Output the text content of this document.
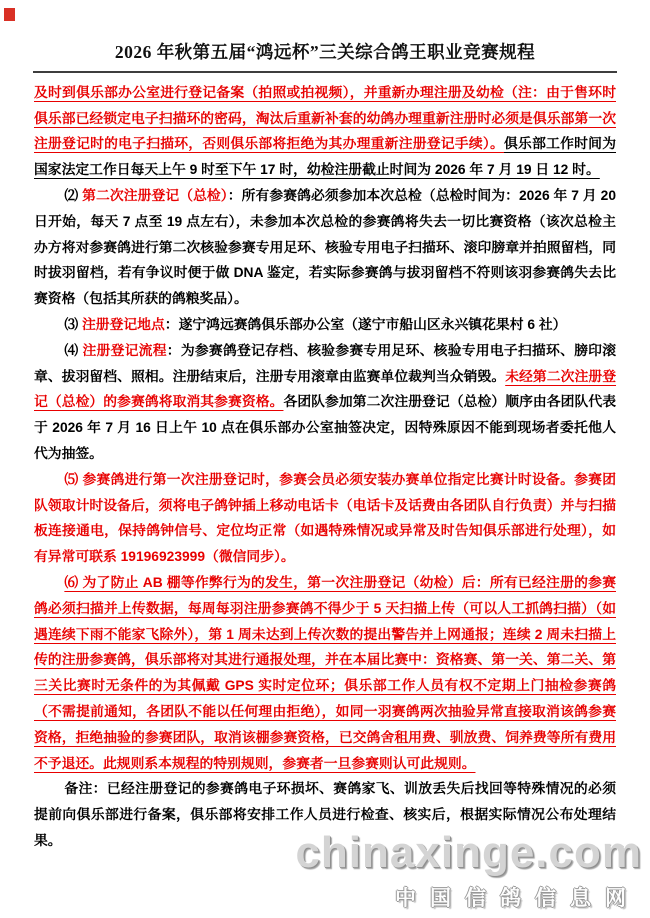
2026 年秋第五届“鸿远杯”三关综合鸽王职业竞赛规程

及时到俱乐部办公室进行登记备案（拍照或拍视频），并重新办理注册及幼检（注：由于售环时俱乐部已经锁定电子扫描环的密码，淘汰后重新补套的幼鸽办理重新注册时必须是俱乐部第一次注册登记时的电子扫描环，否则俱乐部将拒绝为其办理重新注册登记手续）。俱乐部工作时间为国家法定工作日每天上午 9 时至下午 17 时，幼检注册截止时间为 2026 年 7 月 19 日 12 时。

⑵ 第二次注册登记（总检）：所有参赛鸽必须参加本次总检（总检时间为：2026 年 7 月 20 日开始，每天 7 点至 19 点左右），未参加本次总检的参赛鸽将失去一切比赛资格（该次总检主办方将对参赛鸽进行第二次核验参赛专用足环、核验专用电子扫描环、滚印膀章并拍照留档，同时拔羽留档，若有争议时便于做 DNA 鉴定，若实际参赛鸽与拔羽留档不符则该羽参赛鸽失去比赛资格（包括其所获的鸽粮奖品）。

⑶ 注册登记地点：遂宁鸿远赛鸽俱乐部办公室（遂宁市船山区永兴镇花果村 6 社）

⑷ 注册登记流程：为参赛鸽登记存档、核验参赛专用足环、核验专用电子扫描环、膀印滚章、拔羽留档、照相。注册结束后，注册专用滚章由监赛单位裁判当众销毁。未经第二次注册登记（总检）的参赛鸽将取消其参赛资格。各团队参加第二次注册登记（总检）顺序由各团队代表于 2026 年 7 月 16 日上午 10 点在俱乐部办公室抽签决定，因特殊原因不能到现场者委托他人代为抽签。

⑸ 参赛鸽进行第一次注册登记时，参赛会员必须安装办赛单位指定比赛计时设备。参赛团队领取计时设备后，须将电子鸽钟插上移动电话卡（电话卡及话费由各团队自行负责）并与扫描板连接通电，保持鸽钟信号、定位均正常（如遇特殊情况或异常及时告知俱乐部进行处理），如有异常可联系 19196923999（微信同步）。

⑹ 为了防止 AB 棚等作弊行为的发生，第一次注册登记（幼检）后：所有已经注册的参赛鸽必须扫描并上传数据，每周每羽注册参赛鸽不得少于 5 天扫描上传（可以人工抓鸽扫描）（如遇连续下雨不能家飞除外），第 1 周未达到上传次数的提出警告并上网通报；连续 2 周未扫描上传的注册参赛鸽，俱乐部将对其进行通报处理，并在本届比赛中：资格赛、第一关、第二关、第三关比赛时无条件的为其佩戴 GPS 实时定位环；俱乐部工作人员有权不定期上门抽检参赛鸽（不需提前通知，各团队不能以任何理由拒绝），如同一羽赛鸽两次抽验异常直接取消该鸽参赛资格，拒绝抽验的参赛团队，取消该棚参赛资格，已交鸽舍租用费、驯放费、饲养费等所有费用不予退还。此规则系本规程的特别规则，参赛者一旦参赛则认可此规则。

备注：已经注册登记的参赛鸽电子环损坏、赛鸽家飞、训放丢失后找回等特殊情况的必须提前向俱乐部进行备案，俱乐部将安排工作人员进行检查、核实后，根据实际情况公布处理结果。	chinaxinge.com
中国信鸽信息网
